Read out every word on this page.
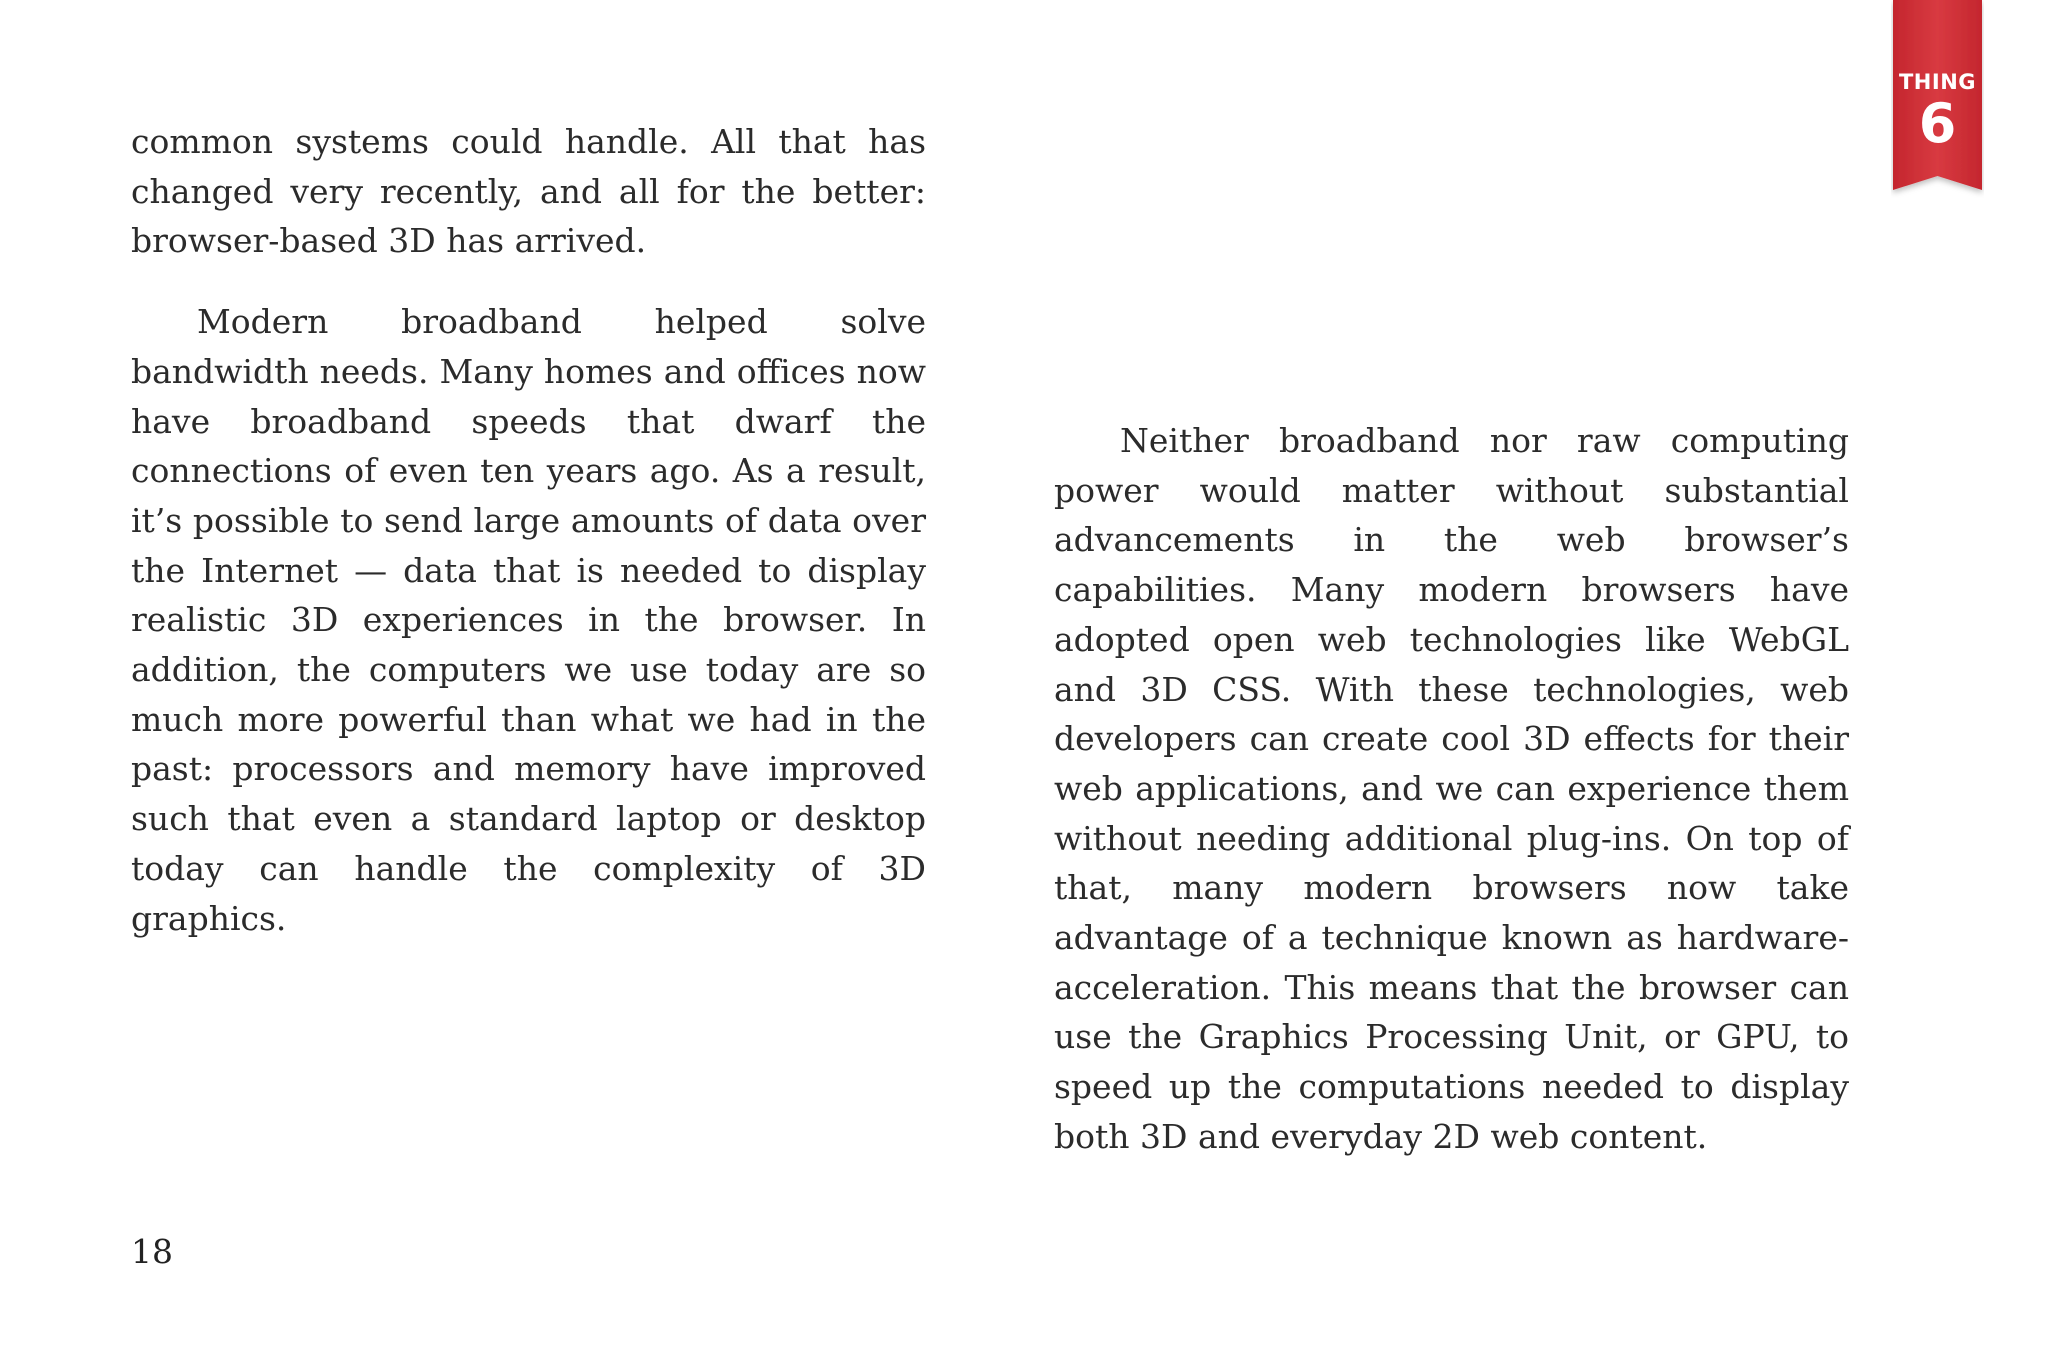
THING
6

common systems could handle. All that has changed very recently, and all for the better: browser-based 3D has arrived.

Modern broadband helped solve bandwidth needs. Many homes and offices now have broadband speeds that dwarf the connections of even ten years ago. As a result, it’s possible to send large amounts of data over the Internet — data that is needed to display realistic 3D experiences in the browser. In addition, the computers we use today are so much more powerful than what we had in the past: processors and memory have improved such that even a standard laptop or desktop today can handle the complexity of 3D graphics.

Neither broadband nor raw computing power would matter without substantial advancements in the web browser’s capabilities. Many modern browsers have adopted open web technologies like WebGL and 3D CSS. With these technologies, web developers can create cool 3D effects for their web applications, and we can experience them without needing additional plug-ins. On top of that, many modern browsers now take advantage of a technique known as hardware-acceleration. This means that the browser can use the Graphics Processing Unit, or GPU, to speed up the computations needed to display both 3D and everyday 2D web content.

18
